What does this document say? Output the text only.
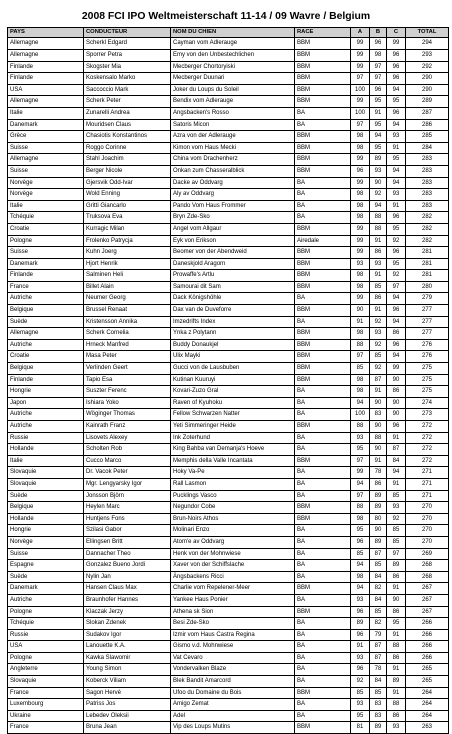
2008 FCI IPO Weltmeisterschaft 11-14 / 09 Wavre / Belgium
PAYS	CONDUCTEUR	NOM DU CHIEN	RACE	A	B	C	TOTAL
Allemagne	Scherkl Edgard	Cayman vom Adlerauge	BBM	99	96	99	294
Allemagne	Sporrer Petra	Emy von den Unbestechlichen	BBM	99	98	96	293
Finlande	Skogster Mia	Mecberger Chortoryiski	BBM	99	97	96	292
Finlande	Koskensalo Marko	Mecberger Duunari	BBM	97	97	96	290
USA	Saccoccio Mark	Joker du Loups du Soleil	BBM	100	96	94	290
Allemagne	Scherk Peter	Bendix vom Adlerauge	BBM	99	95	95	289
Italie	Zunarelli Andrea	Angsbacken's Rosso	BA	100	91	96	287
Danemark	Mouridsen Claus	Satoris Micon	BA	97	95	94	286
Grèce	Chasiotis Konstantinos	Azra von der Adlerauge	BBM	98	94	93	285
Suisse	Roggo Corinne	Kimon vom Haus Mecki	BBM	98	95	91	284
Allemagne	Stahl Joachim	China vom Drachenherz	BBM	99	89	95	283
Suisse	Berger Nicole	Onkan zum Chasseralblick	BBM	96	93	94	283
Norvège	Gjersvik Odd-Ivar	Dacke av Oddvarg	BA	99	90	94	283
Norvège	Wold Enning	Aly av Oddvarg	BA	98	92	93	283
Italie	Gritti Giancarlo	Pando Vom Haus Frommer	BA	98	94	91	283
Tchéquie	Truksova Eva	Bryn Zde-Sko	BA	98	88	96	282
Croatie	Kurragic Milan	Angel vom Allgaur	BBM	99	88	95	282
Pologne	Frolenko Patrycja	Eyk von Erikson	Airedale	99	91	92	282
Suisse	Kuhn Joerg	Beomer von der Abendweid	BBM	99	86	96	281
Danemark	Hjort Henrik	Daneskjold Aragorn	BBM	93	93	95	281
Finlande	Salminen Heli	Prowaffe's Artlu	BBM	98	91	92	281
France	Billet Alain	Samourai dit Sam	BBM	98	85	97	280
Autriche	Neumer Georg	Dack Königshöhle	BA	99	86	94	279
Belgique	Brussel Renaat	Dax van de Duveforre	BBM	90	91	96	277
Suède	Kristensson Annika	Imzedrifts Index	BA	91	92	94	277
Allemagne	Scherk Cornelia	Ynka z Polytann	BBM	98	93	86	277
Autriche	Hrneck Manfred	Buddy Donaukjel	BBM	88	92	96	276
Croatie	Masa Peter	Ulix Mayki	BBM	97	85	94	276
Belgique	Verlinden Geert	Gucci von de Lausbuben	BBM	85	92	99	275
Finlande	Tapio Esa	Kutinan Kuuruyi	BBM	98	87	90	275
Hongrie	Suszter Ferenc	Kovari-Zuzo Gral	BA	98	91	86	275
Japon	Ishiara Yoko	Raven of Kyuhoku	BA	94	90	90	274
Autriche	Wöginger Thomas	Fellow Schwarzen Natter	BA	100	83	90	273
Autriche	Kainrath Franz	Yeti Simmeringer Heide	BBM	88	90	96	272
Russie	Lisovets Alexey	Ink Zoterhund	BA	93	88	91	272
Hollande	Scholten Rob	King Bahba van Demanja's Hoeve	BA	95	90	87	272
Italie	Cucco Marco	Memphis della Valle Incantata	BBM	97	91	84	272
Slovaquie	Dr. Vacok Peter	Hoky Va-Pe	BA	99	78	94	271
Slovaquie	Mgr. Lengyarsky Igor	Rall Lasmon	BA	94	86	91	271
Suède	Jonsson Björn	Pucklings Vasco	BA	97	89	85	271
Belgique	Heylen Marc	Negundor Cobe	BBM	88	89	93	270
Hollande	Huntjens Fons	Brun-Noirs Athos	BBM	98	80	92	270
Hongrie	Szilasi Gabor	Molinari Enzo	BA	95	90	85	270
Norvège	Ellingsen Britt	Atom'e av Oddvarg	BA	96	89	85	270
Suisse	Dannacher Theo	Henk von der Mohnwiese	BA	85	87	97	269
Espagne	Gonzalez Bueno Jordi	Xaver von der Schiffslache	BA	94	85	89	268
Suède	Nylin Jan	Ängsbackens Ricci	BA	98	84	86	268
Danemark	Hansen Claus Max	Charlie vom Repelener-Meer	BBM	94	82	91	267
Autriche	Braunhofer Hannes	Yankee Haus Ponier	BA	93	84	90	267
Pologne	Klaczak Jerzy	Athena sk Sion	BBM	96	85	86	267
Tchéquie	Slokan Zdenek	Besi Zde-Sko	BA	89	82	95	266
Russie	Sudakov Igor	Izmir vom Haus Castra Regina	BA	96	79	91	266
USA	Lanouette K.A.	Gismo v.d. Mohnwiese	BA	91	87	88	266
Pologne	Kawka Slawomir	Vat Cevaro	BA	93	87	86	266
Angleterre	Young Simon	Vondervalken Blaze	BA	96	78	91	265
Slovaquie	Koberck Viliam	Blek Bandit Amarcord	BA	92	84	89	265
France	Sagon Hervé	Ufoo du Domaine du Bois	BBM	85	85	91	264
Luxembourg	Patriss Jos	Amigo Zemat	BA	93	83	88	264
Ukraine	Lebedev Oleksii	Adel	BA	95	83	86	264
France	Bruna Jean	Vip des Loups Mutins	BBM	81	89	93	263
